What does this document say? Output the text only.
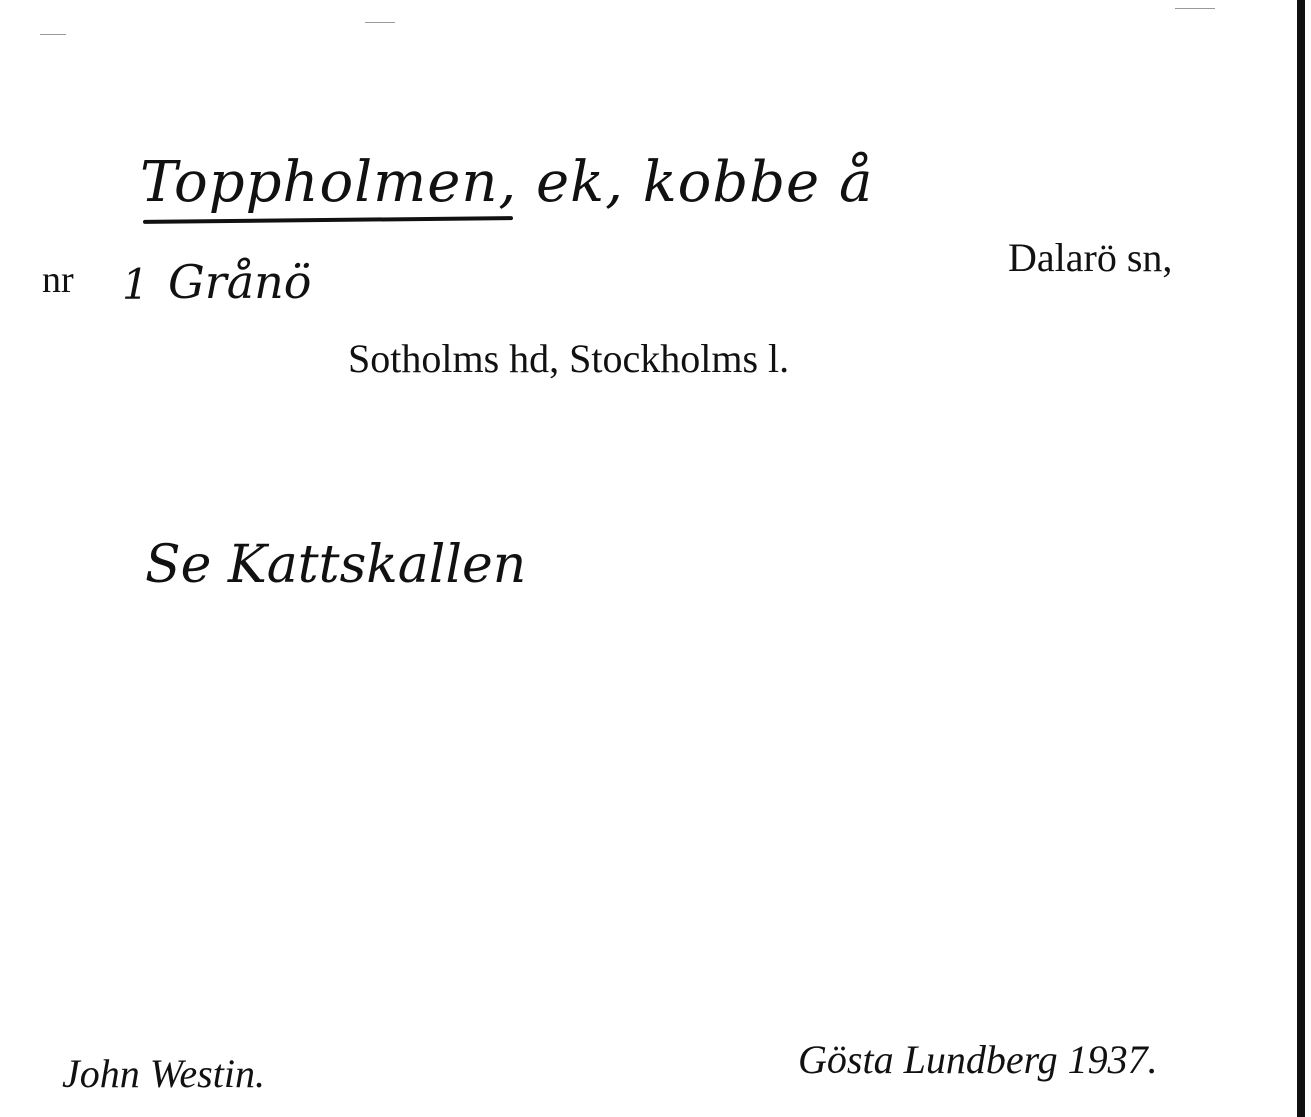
Toppholmen, ek, kobbe å
nr 1 Grånö	Dalarö sn,
Sotholms hd, Stockholms l.
Se Kattskallen
John Westin.	Gösta Lundberg 1937.
